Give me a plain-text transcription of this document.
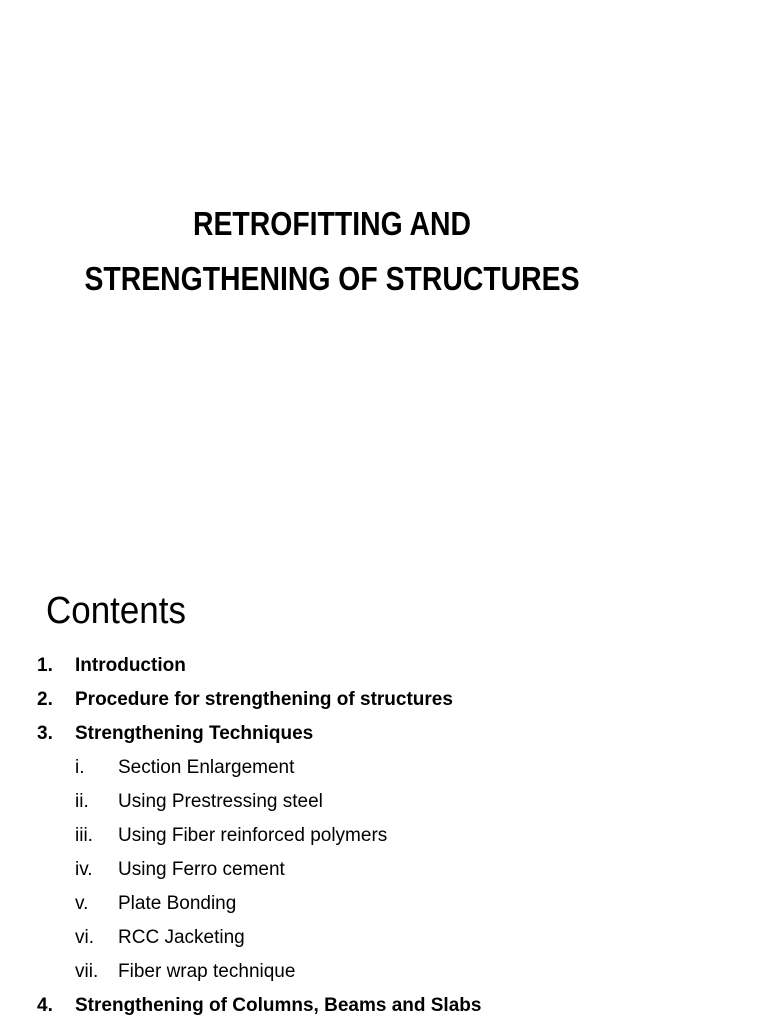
RETROFITTING AND
STRENGTHENING OF STRUCTURES
Contents
1. Introduction
2. Procedure for strengthening of structures
3. Strengthening Techniques
i. Section Enlargement
ii. Using Prestressing steel
iii. Using Fiber reinforced polymers
iv. Using Ferro cement
v. Plate Bonding
vi. RCC Jacketing
vii. Fiber wrap technique
4. Strengthening of Columns, Beams and Slabs
